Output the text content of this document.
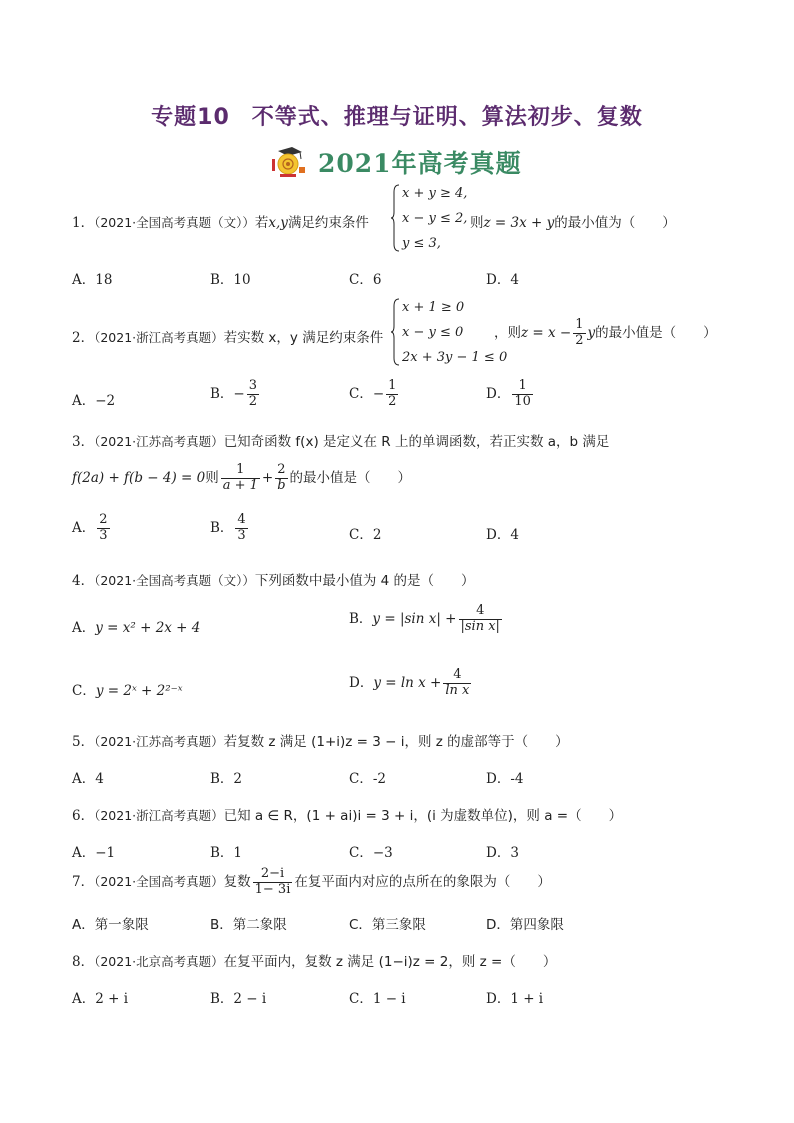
专题10 不等式、推理与证明、算法初步、复数
2021年高考真题
1．（2021·全国高考真题（文））若x,y满足约束条件
x + y ≥ 4,
x − y ≤ 2,
y ≤ 3,
则z = 3x + y的最小值为（　　）
A．18	B．10	C．6	D．4
2．（2021·浙江高考真题）若实数 x，y 满足约束条件
x + 1 ≥ 0
x − y ≤ 0
2x + 3y − 1 ≤ 0
，则$z = x - \frac{1}{2}$ y的最小值是（　　）
A．−2	B．− $\frac{3}{2}$	C．− $\frac{1}{2}$	D． $\frac{1}{10}$
3．（2021·江苏高考真题）已知奇函数 f(x) 是定义在 R 上的单调函数，若正实数 a，b 满足
f(2a) + f(b − 4) = 0则 $\frac{1}{a + 1} + \frac{2}{b}$ 的最小值是（　　）
A． $\frac{2}{3}$	B． $\frac{4}{3}$	C．2	D．4
4．（2021·全国高考真题（文））下列函数中最小值为 4 的是（　　）
A．y = x² + 2x + 4
B．y = |sin $x| + \frac{4}{\text{|sin x|}}$
C．y = 2ˣ + 2²⁻ˣ
D．$y = \ln x + \frac{4}{\text{ln x}}$
5．（2021·江苏高考真题）若复数 z 满足 (1+i)z = 3 − i，则 z 的虚部等于（　　）
A．4	B．2	C．-2	D．-4
6．（2021·浙江高考真题）已知 a ∈ R，(1 + ai)i = 3 + i，(i 为虚数单位)，则 a =（　　）
A．−1	B．1	C．−3	D．3
7．（2021·全国高考真题）复数 $\frac{2-i}{1- 3i}$ 在复平面内对应的点所在的象限为（　　）
A．第一象限	B．第二象限	C．第三象限	D．第四象限
8．（2021·北京高考真题）在复平面内，复数 z 满足 (1−i)z = 2，则 z =（　　）
A．2 + i	B．2 − i	C．1 − i	D．1 + i
